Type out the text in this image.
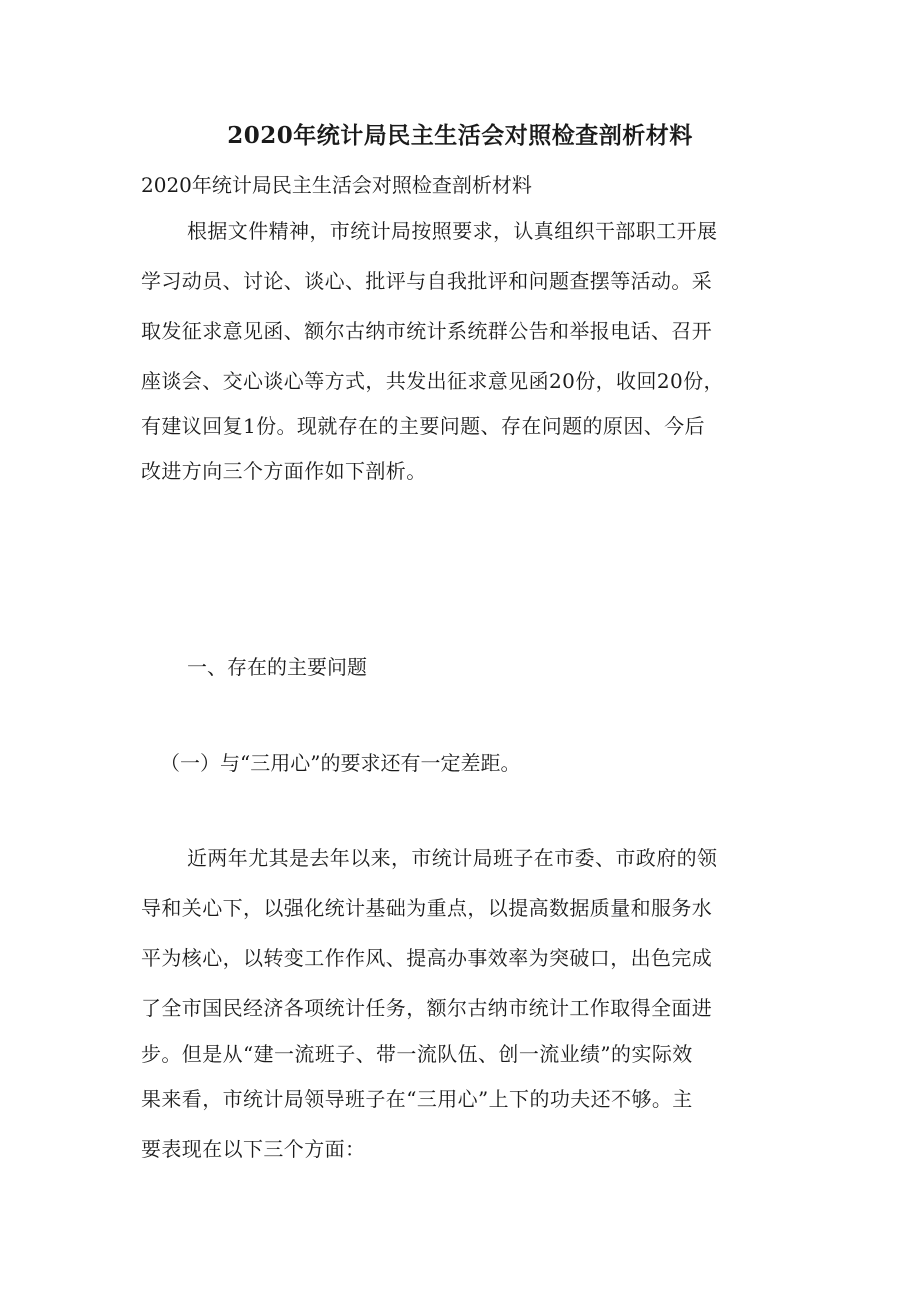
2020年统计局民主生活会对照检查剖析材料
2020年统计局民主生活会对照检查剖析材料
根据文件精神，市统计局按照要求，认真组织干部职工开展
学习动员、讨论、谈心、批评与自我批评和问题查摆等活动。采
取发征求意见函、额尔古纳市统计系统群公告和举报电话、召开
座谈会、交心谈心等方式，共发出征求意见函20份，收回20份，
有建议回复1份。现就存在的主要问题、存在问题的原因、今后
改进方向三个方面作如下剖析。
一、存在的主要问题
（一）与“三用心”的要求还有一定差距。
近两年尤其是去年以来，市统计局班子在市委、市政府的领
导和关心下，以强化统计基础为重点，以提高数据质量和服务水
平为核心，以转变工作作风、提高办事效率为突破口，出色完成
了全市国民经济各项统计任务，额尔古纳市统计工作取得全面进
步。但是从“建一流班子、带一流队伍、创一流业绩”的实际效
果来看，市统计局领导班子在“三用心”上下的功夫还不够。主
要表现在以下三个方面：
